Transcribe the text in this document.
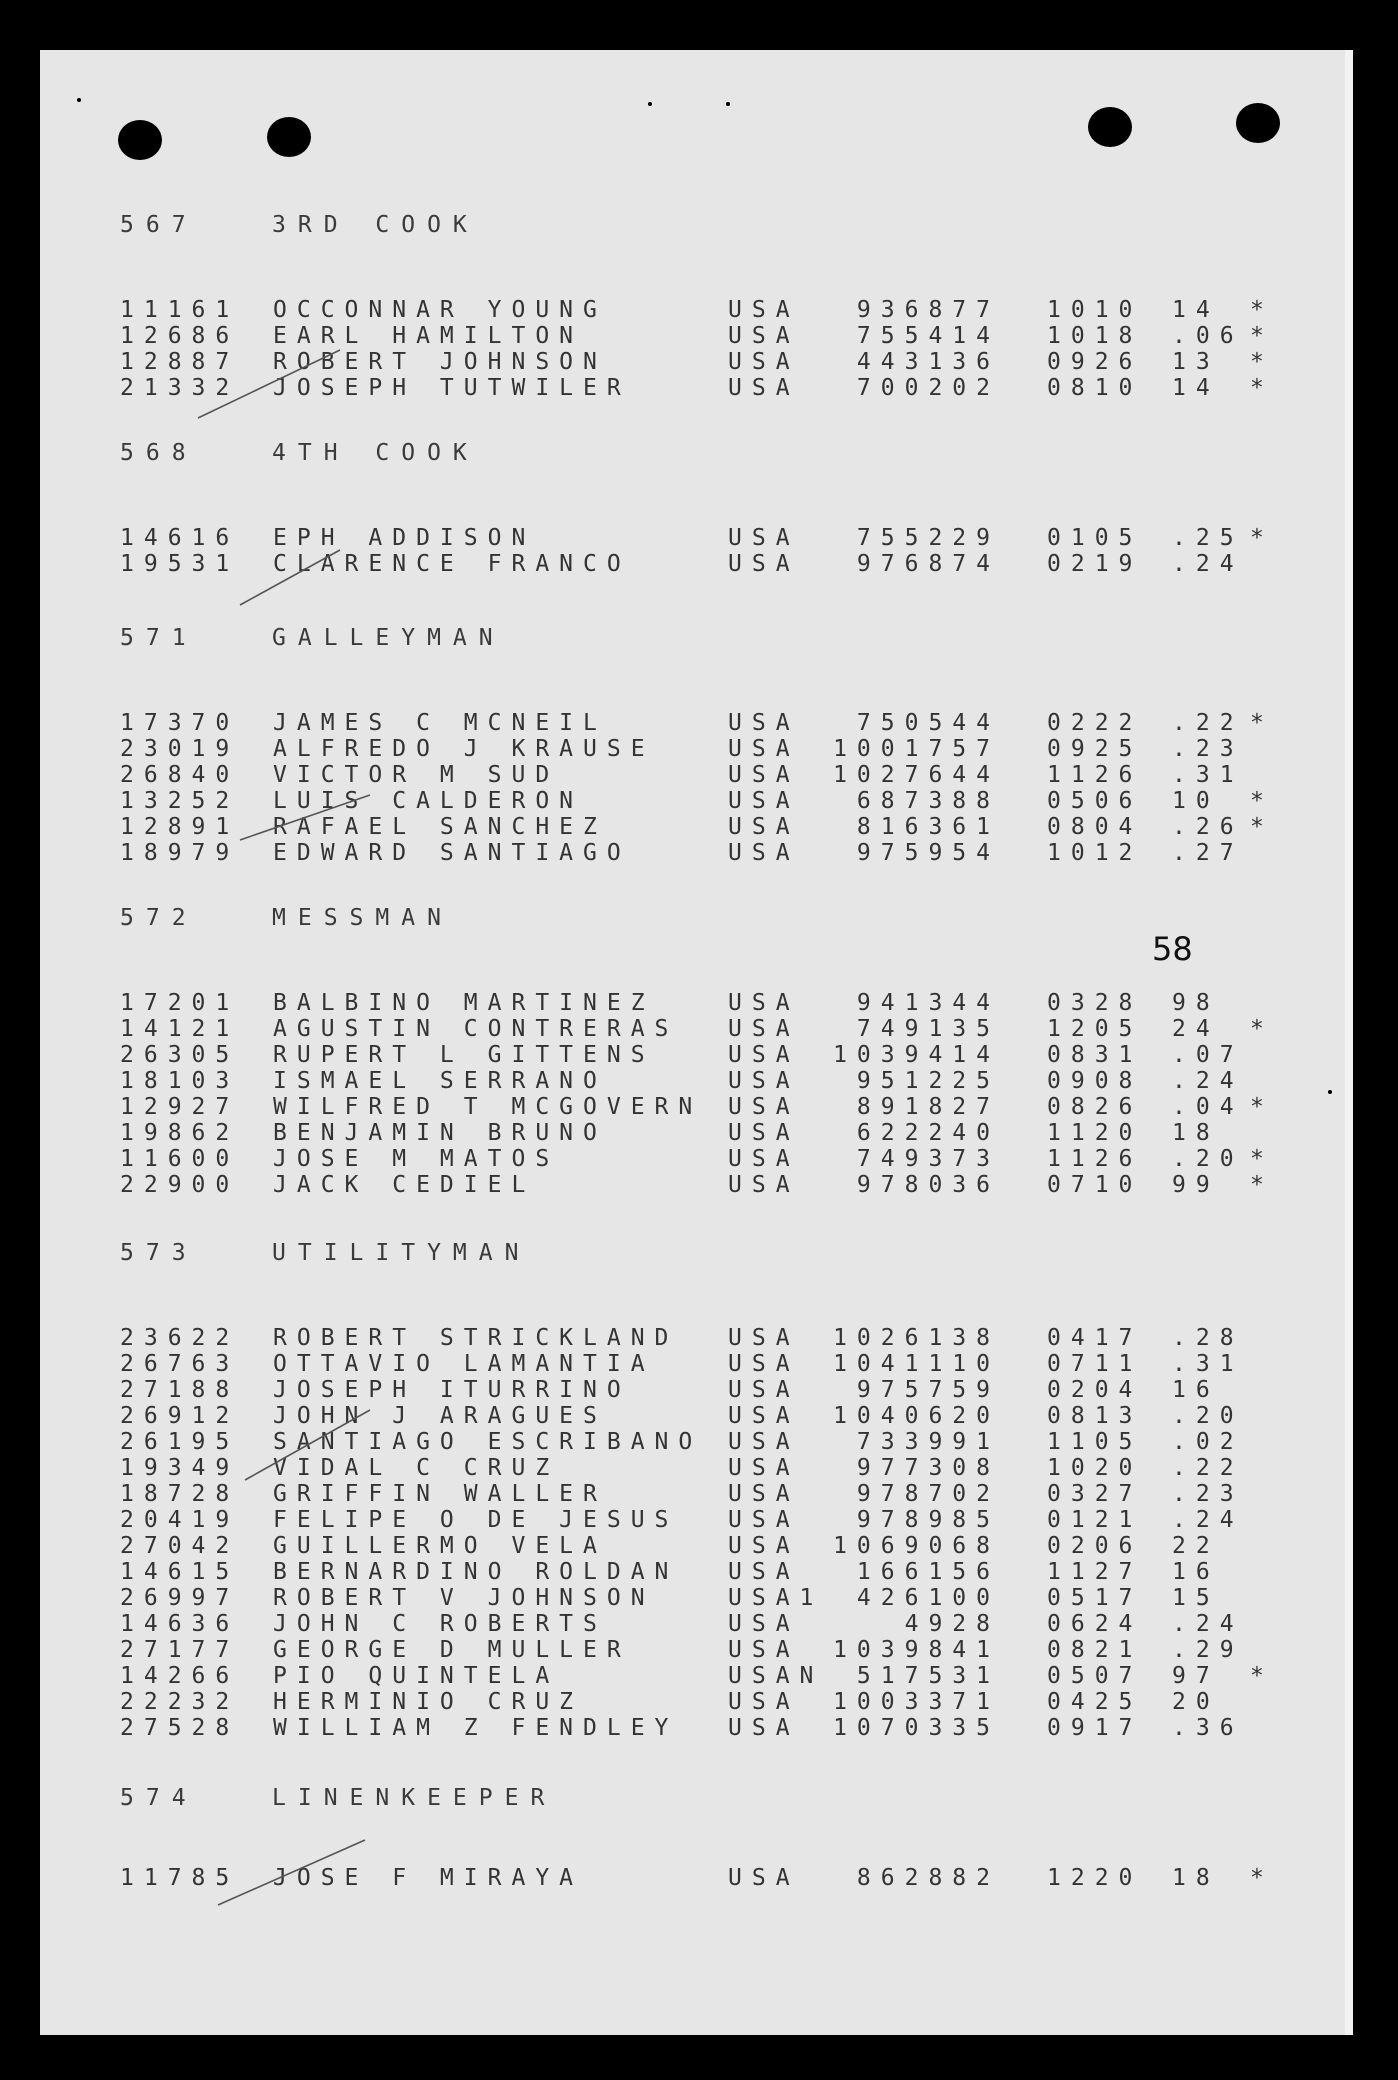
567	3RD COOK
11161 OCCONNAR YOUNG	USA	936877 1010 14 *
12686 EARL HAMILTON	USA	755414 1018 .06 *
12887 ROBERT JOHNSON	USA	443136 0926 13 *
21332 JOSEPH TUTWILER	USA	700202 0810 14 *
568	4TH COOK
14616 EPH ADDISON	USA	755229 0105 .25 *
19531 CLARENCE FRANCO	USA	976874 0219 .24
571	GALLEYMAN
17370 JAMES C MCNEIL	USA	750544 0222 .22 *
23019 ALFREDO J KRAUSE	USA	1001757 0925 .23
26840 VICTOR M SUD	USA	1027644 1126 .31
13252 LUIS CALDERON	USA	687388 0506 10 *
12891 RAFAEL SANCHEZ	USA	816361 0804 .26 *
18979 EDWARD SANTIAGO	USA	975954 1012 .27
572	MESSMAN
17201 BALBINO MARTINEZ	USA	941344 0328 98
14121 AGUSTIN CONTRERAS USA	749135 1205 24 *
26305 RUPERT L GITTENS	USA	1039414 0831 .07
18103 ISMAEL SERRANO	USA	951225 0908 .24
12927 WILFRED T MCGOVERN USA	891827 0826 .04 *
19862 BENJAMIN BRUNO	USA	622240 1120 18
11600 JOSE M MATOS	USA	749373 1126 .20 *
22900 JACK CEDIEL	USA	978036 0710 99 *
573	UTILITYMAN
23622 ROBERT STRICKLAND USA	1026138 0417 .28
26763 OTTAVIO LAMANTIA	USA	1041110 0711 .31
27188 JOSEPH ITURRINO	USA	975759 0204 16
26912 JOHN J ARAGUES	USA	1040620 0813 .20
26195 SANTIAGO ESCRIBANO USA	733991 1105 .02
19349 VIDAL C CRUZ	USA	977308 1020 .22
18728 GRIFFIN WALLER	USA	978702 0327 .23
20419 FELIPE O DE JESUS USA	978985 0121 .24
27042 GUILLERMO VELA	USA	1069068 0206 22
14615 BERNARDINO ROLDAN USA	166156 1127 16
26997 ROBERT V JOHNSON	USA1	426100 0517 15
14636 JOHN C ROBERTS	USA	4928 0624 .24
27177 GEORGE D MULLER	USA	1039841 0821 .29
14266 PIO QUINTELA	USAN	517531 0507 97 *
22232 HERMINIO CRUZ	USA	1003371 0425 20
27528 WILLIAM Z FENDLEY USA	1070335 0917 .36
574	LINENKEEPER
11785 JOSE F MIRAYA	USA	862882 1220 18 *
58
